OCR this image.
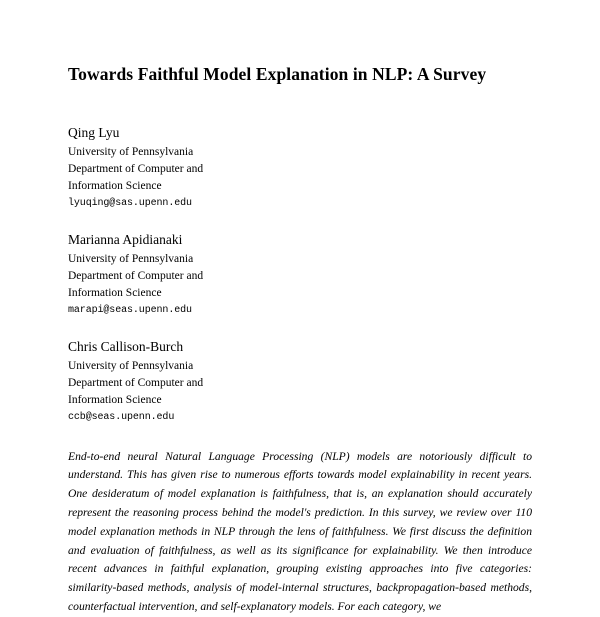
Towards Faithful Model Explanation in NLP: A Survey
Qing Lyu
University of Pennsylvania
Department of Computer and
Information Science
lyuqing@sas.upenn.edu
Marianna Apidianaki
University of Pennsylvania
Department of Computer and
Information Science
marapi@seas.upenn.edu
Chris Callison-Burch
University of Pennsylvania
Department of Computer and
Information Science
ccb@seas.upenn.edu
End-to-end neural Natural Language Processing (NLP) models are notoriously difficult to understand. This has given rise to numerous efforts towards model explainability in recent years. One desideratum of model explanation is faithfulness, that is, an explanation should accurately represent the reasoning process behind the model's prediction. In this survey, we review over 110 model explanation methods in NLP through the lens of faithfulness. We first discuss the definition and evaluation of faithfulness, as well as its significance for explainability. We then introduce recent advances in faithful explanation, grouping existing approaches into five categories: similarity-based methods, analysis of model-internal structures, backpropagation-based methods, counterfactual intervention, and self-explanatory models. For each category, we
